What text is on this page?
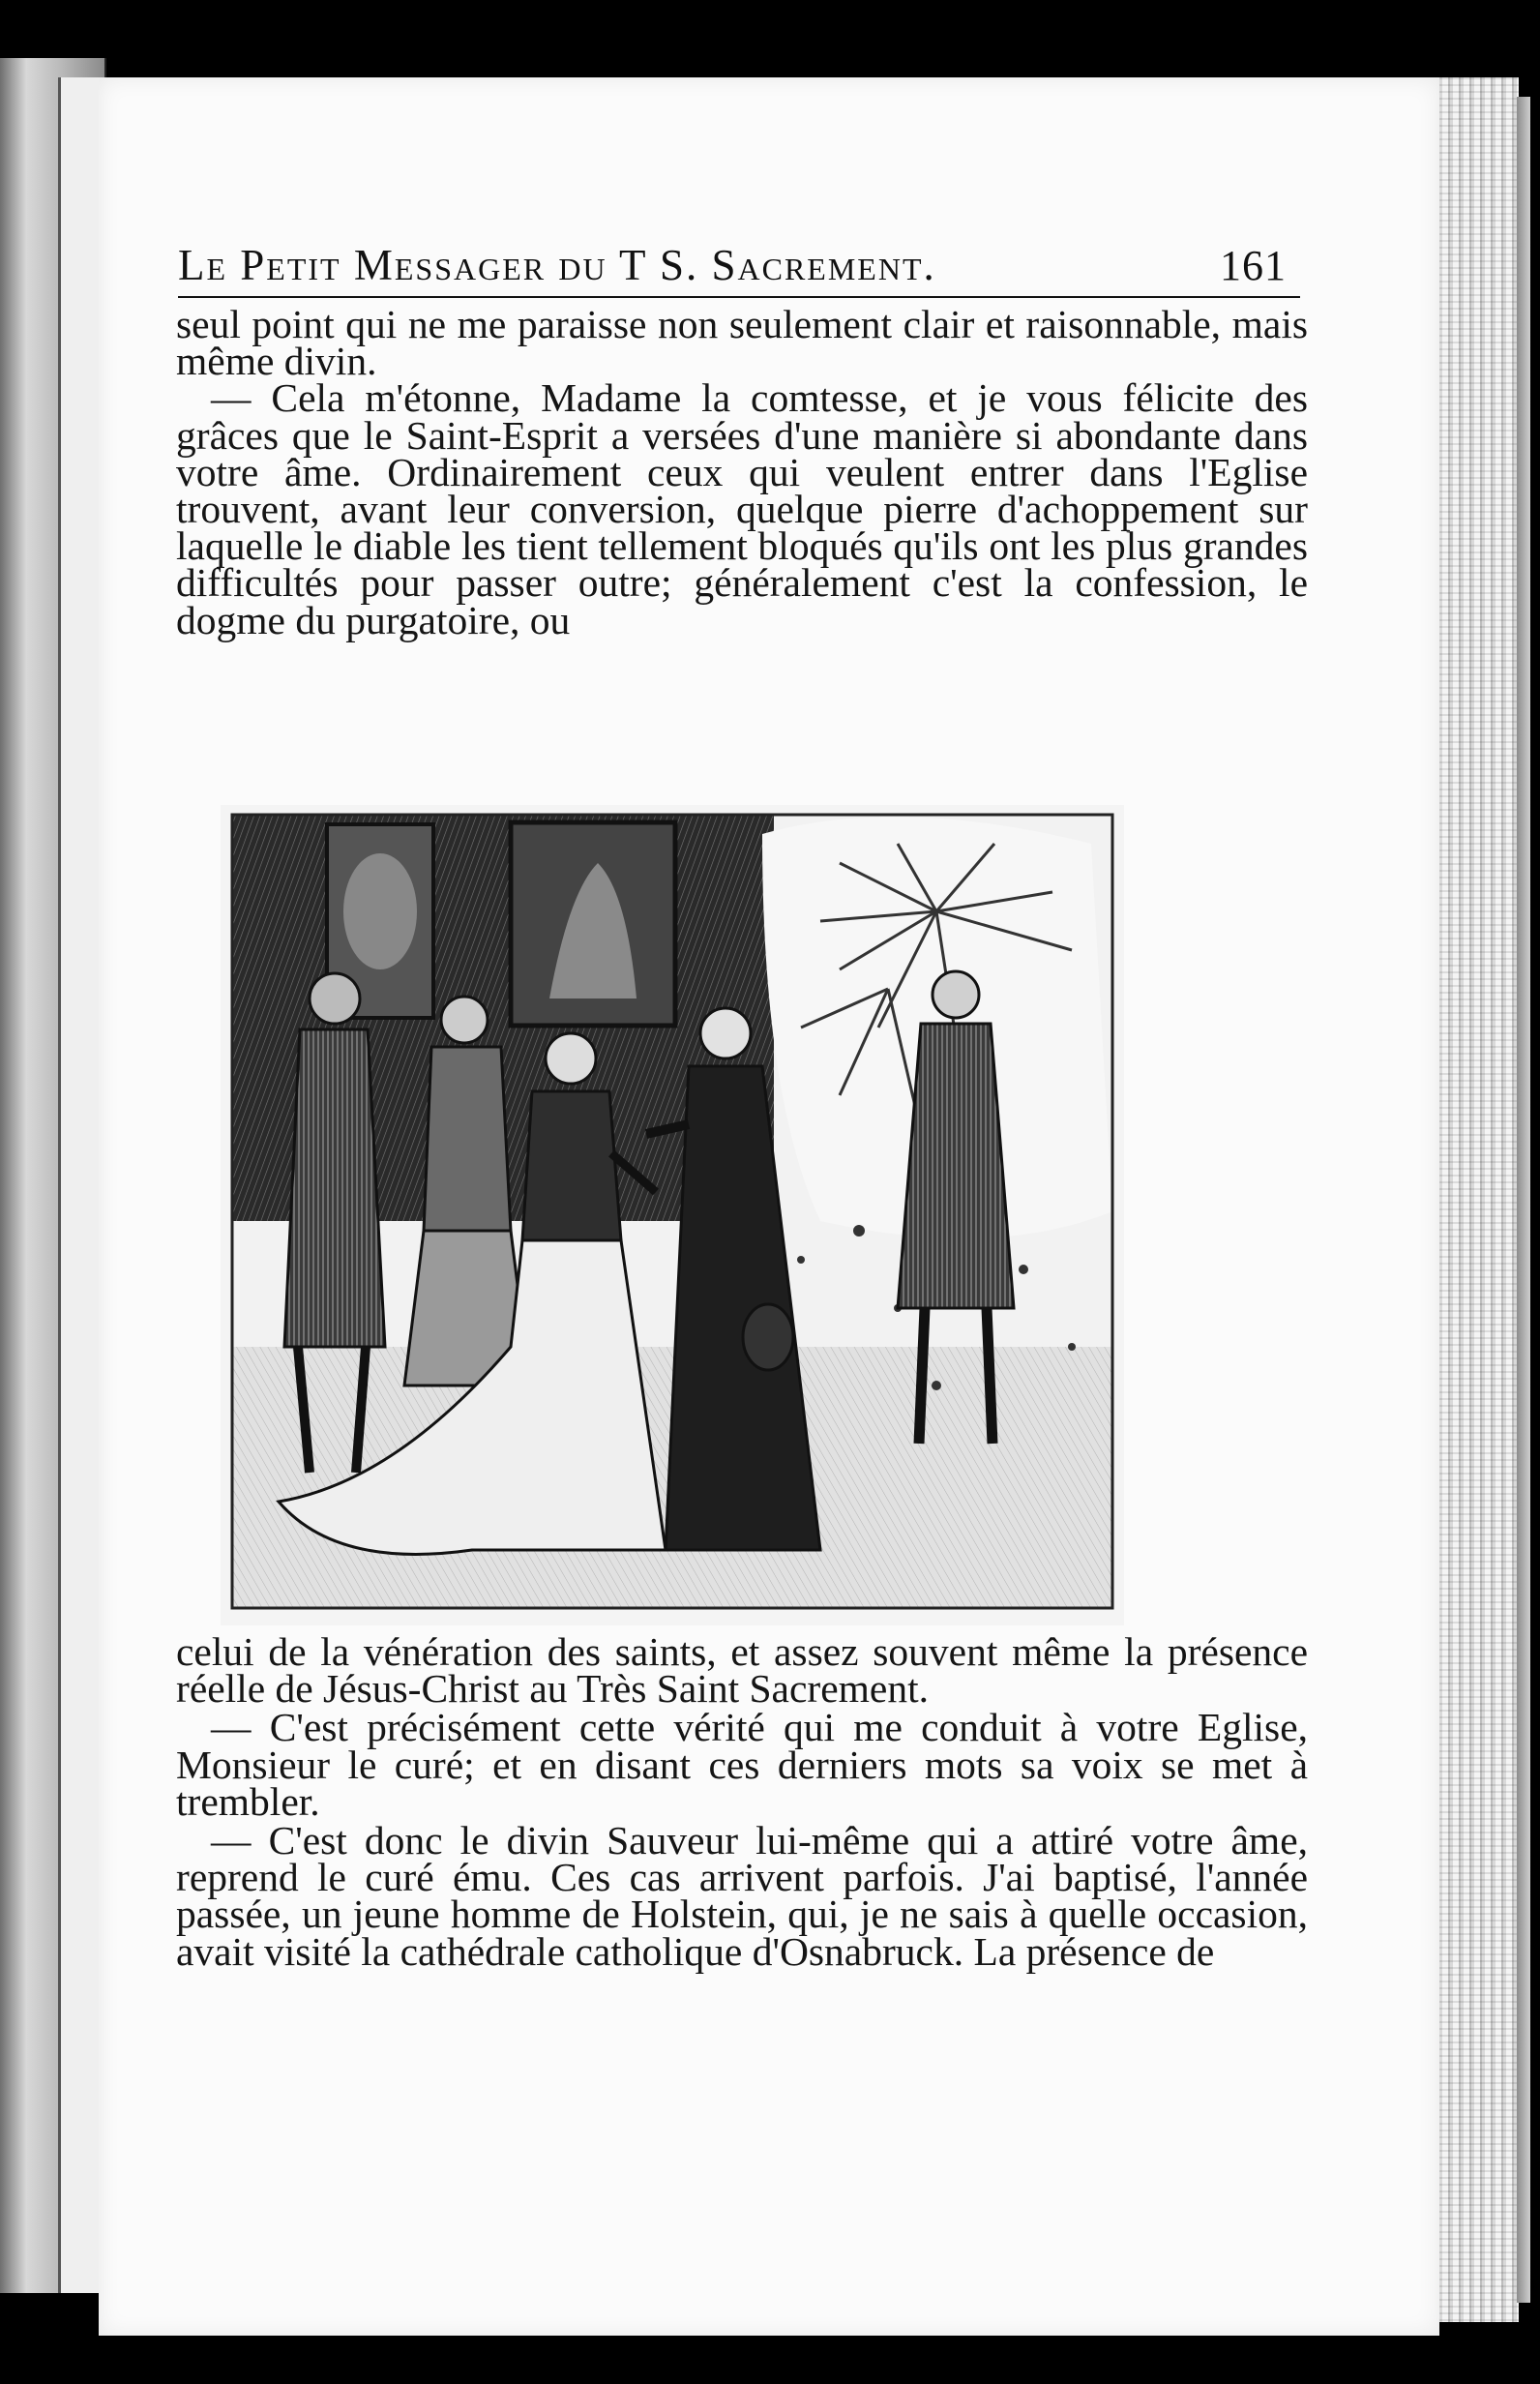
Le Petit Messager du T S. Sacrement.	161

seul point qui ne me paraisse non seulement clair et raisonnable, mais même divin.

— Cela m'étonne, Madame la comtesse, et je vous félicite des grâces que le Saint-Esprit a versées d'une manière si abondante dans votre âme. Ordinairement ceux qui veulent entrer dans l'Eglise trouvent, avant leur conversion, quelque pierre d'achoppement sur laquelle le diable les tient tellement bloqués qu'ils ont les plus grandes difficultés pour passer outre; généralement c'est la confession, le dogme du purgatoire, ou

celui de la vénération des saints, et assez souvent même la présence réelle de Jésus-Christ au Très Saint Sacrement.

— C'est précisément cette vérité qui me conduit à votre Eglise, Monsieur le curé; et en disant ces derniers mots sa voix se met à trembler.

— C'est donc le divin Sauveur lui-même qui a attiré votre âme, reprend le curé ému. Ces cas arrivent parfois. J'ai baptisé, l'année passée, un jeune homme de Holstein, qui, je ne sais à quelle occasion, avait visité la cathédrale catholique d'Osnabruck. La présence de
